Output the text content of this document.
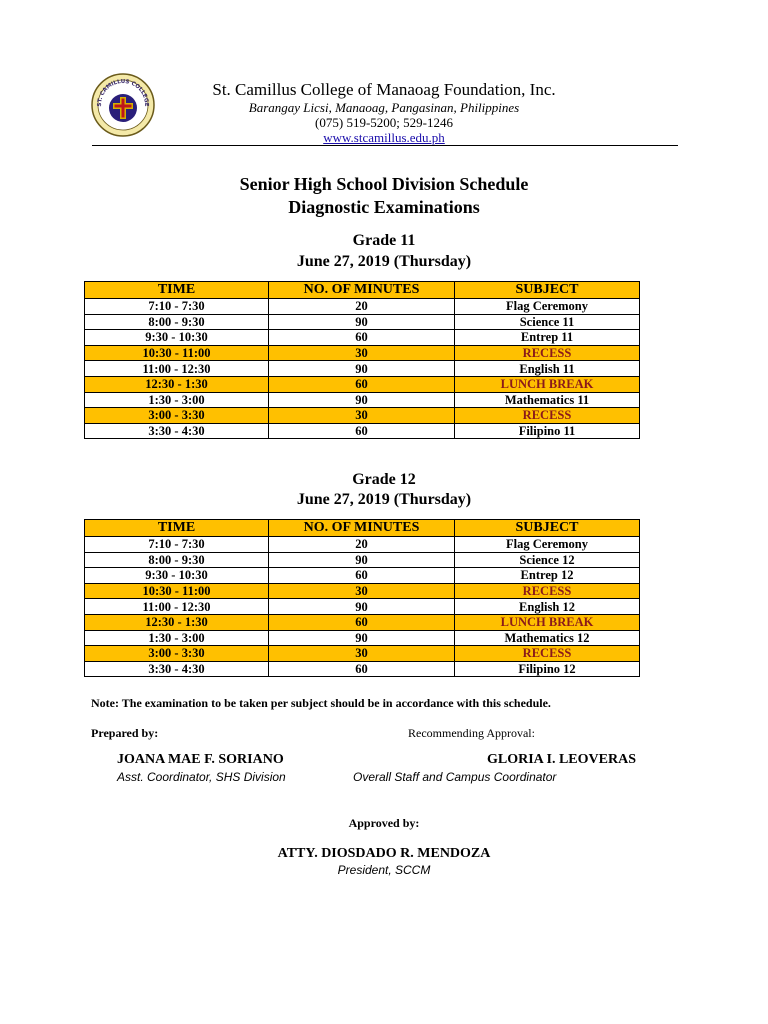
ST. CAMILLUS COLLEGE
St. Camillus College of Manaoag Foundation, Inc.
Barangay Licsi, Manaoag, Pangasinan, Philippines
(075) 519-5200; 529-1246
www.stcamillus.edu.ph
Senior High School Division Schedule
Diagnostic Examinations
Grade 11
June 27, 2019 (Thursday)
TIME	NO. OF MINUTES	SUBJECT
7:10 - 7:30	20	Flag Ceremony
8:00 - 9:30	90	Science 11
9:30 - 10:30	60	Entrep 11
10:30 - 11:00	30	RECESS
11:00 - 12:30	90	English 11
12:30 - 1:30	60	LUNCH BREAK
1:30 - 3:00	90	Mathematics 11
3:00 - 3:30	30	RECESS
3:30 - 4:30	60	Filipino 11
Grade 12
June 27, 2019 (Thursday)
TIME	NO. OF MINUTES	SUBJECT
7:10 - 7:30	20	Flag Ceremony
8:00 - 9:30	90	Science 12
9:30 - 10:30	60	Entrep 12
10:30 - 11:00	30	RECESS
11:00 - 12:30	90	English 12
12:30 - 1:30	60	LUNCH BREAK
1:30 - 3:00	90	Mathematics 12
3:00 - 3:30	30	RECESS
3:30 - 4:30	60	Filipino 12
Note: The examination to be taken per subject should be in accordance with this schedule.
Prepared by:	Recommending Approval:
JOANA MAE F. SORIANO
Asst. Coordinator, SHS Division
GLORIA I. LEOVERAS
Overall Staff and Campus Coordinator
Approved by:
ATTY. DIOSDADO R. MENDOZA
President, SCCM
